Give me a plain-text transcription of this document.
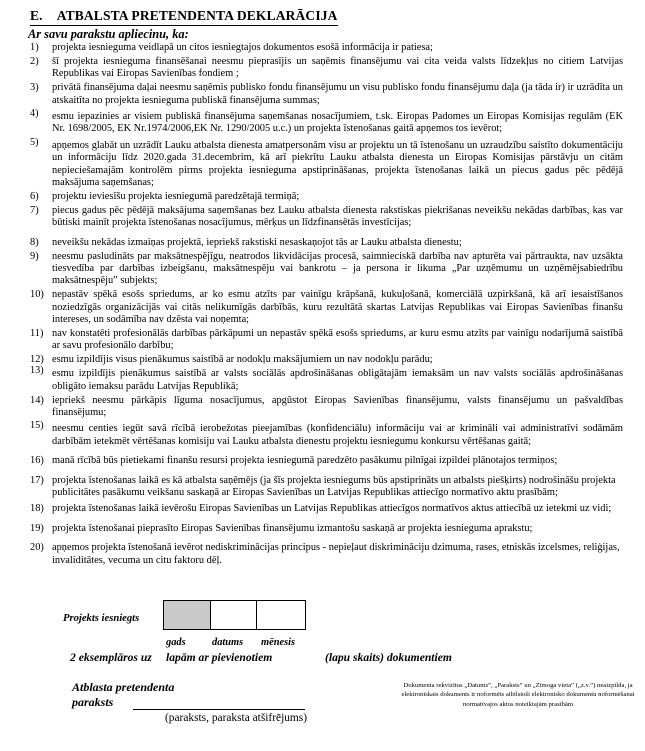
E. ATBALSTA PRETENDENTA DEKLARĀCIJA
Ar savu parakstu apliecinu, ka:
1)	projekta iesnieguma veidlapā un citos iesniegtajos dokumentos esošā informācija ir patiesa;
2)	šī projekta iesnieguma finansēšanai neesmu pieprasījis un saņēmis finansējumu vai cita veida valsts līdzekļus no citiem Latvijas Republikas vai Eiropas Savienības fondiem ;
3)	privātā finansējuma daļai neesmu saņēmis publisko fondu finansējumu un visu publisko fondu finansējumu daļa (ja tāda ir) ir uzrādīta un atskaitīta no projekta iesnieguma publiskā finansējuma summas;
4)	esmu iepazinies ar visiem publiskā finansējuma saņemšanas nosacījumiem, t.sk. Eiropas Padomes un Eiropas Komisijas regulām (EK Nr. 1698/2005, EK Nr.1974/2006,EK Nr. 1290/2005 u.c.) un projekta īstenošanas gaitā apņemos tos ievērot;
5)	apņemos glabāt un uzrādīt Lauku atbalsta dienesta amatpersonām visu ar projektu un tā īstenošanu un uzraudzību saistīto dokumentāciju un informāciju līdz 2020.gada 31.decembrim, kā arī piekrītu Lauku atbalsta dienesta un Eiropas Komisijas pārstāvju un citām nepieciešamajām kontrolēm pirms projekta iesnieguma apstiprināšanas, projekta īstenošanas laikā un piecus gadus pēc pēdējā maksājuma saņemšanas;
6)	projektu ieviesīšu projekta iesniegumā paredzētajā termiņā;
7)	piecus gadus pēc pēdējā maksājuma saņemšanas bez Lauku atbalsta dienesta rakstiskas piekrišanas neveikšu nekādas darbības, kas var būtiski mainīt projekta īstenošanas nosacījumus, mērķus un līdzfinansētās investīcijas;
8)	neveikšu nekādas izmaiņas projektā, iepriekš rakstiski nesaskaņojot tās ar Lauku atbalsta dienestu;
9)	neesmu pasludināts par maksātnespējīgu, neatrodos likvidācijas procesā, saimnieciskā darbība nav apturēta vai pārtraukta, nav uzsākta tiesvedība par darbības izbeigšanu, maksātnespēju vai bankrotu – ja persona ir likuma „Par uzņēmumu un uzņēmējsabiedrību maksātnespēju” subjekts;
10) nepastāv spēkā esošs spriedums, ar ko esmu atzīts par vainīgu krāpšanā, kukuļošanā, komerciālā uzpirkšanā, kā arī iesaistīšanos noziedzīgās organizācijās vai citās nelikumīgās darbībās, kuru rezultātā skartas Latvijas Republikas vai Eiropas Savienības finanšu intereses, un sodāmība nav dzēsta vai noņemta;
11) nav konstatēti profesionālās darbības pārkāpumi un nepastāv spēkā esošs spriedums, ar kuru esmu atzīts par vainīgu nodarījumā saistībā ar savu profesionālo darbību;
12) esmu izpildījis visus pienākumus saistībā ar nodokļu maksājumiem un nav nodokļu parādu;
13) esmu izpildījis pienākumus saistībā ar valsts sociālās apdrošināšanas obligātajām iemaksām un nav valsts sociālās apdrošināšanas obligāto iemaksu parādu Latvijas Republikā;
14) iepriekš neesmu pārkāpis līguma nosacījumus, apgūstot Eiropas Savienības finansējumu, valsts finansējumu un pašvaldības finansējumu;
15) neesmu centies iegūt savā rīcībā ierobežotas pieejamības (konfidenciālu) informāciju vai ar krimināli vai administratīvi sodāmām darbībām ietekmēt vērtēšanas komisiju vai Lauku atbalsta dienestu projektu iesniegumu konkursu vērtēšanas gaitā;
16) manā rīcībā būs pietiekami finanšu resursi projekta iesniegumā paredzēto pasākumu pilnīgai izpildei plānotajos termiņos;
17) projekta īstenošanas laikā es kā atbalsta saņēmējs (ja šīs projekta iesniegums būs apstiprināts un atbalsts piešķirts) nodrošināšu projekta publicitātes pasākumu veikšanu saskaņā ar Eiropas Savienības un Latvijas Republikas attiecīgo normatīvo aktu prasībām;
18) projekta īstenošanas laikā ievērošu Eiropas Savienības un Latvijas Republikas attiecīgos normatīvos aktus attiecībā uz ietekmi uz vidi;
19) projekta īstenošanai pieprasīto Eiropas Savienības finansējumu izmantošu saskaņā ar projekta iesnieguma aprakstu;
20) apņemos projekta īstenošanā ievērot nediskriminācijas principus - nepieļaut diskrimināciju dzimuma, rases, etniskās izcelsmes, reliģijas, invaliditātes, vecuma un citu faktoru dēļ.
Projekts iesniegts
gads	datums mēnesis
2 eksemplāros uz lapām ar pievienotiem	(lapu skaits) dokumentiem
Atblasta pretendenta
paraksts
(paraksts, paraksta atšifrējums)
Dokumenta rekvizītus „Datums”, „Paraksts” un „Zīmoga vieta” („z.v.”) neaizpilda, ja elektroniskais dokuments ir noformēts atbilstoši elektronisko dokumentu noformēšanai normatīvajos aktos noteiktajām prasībām
